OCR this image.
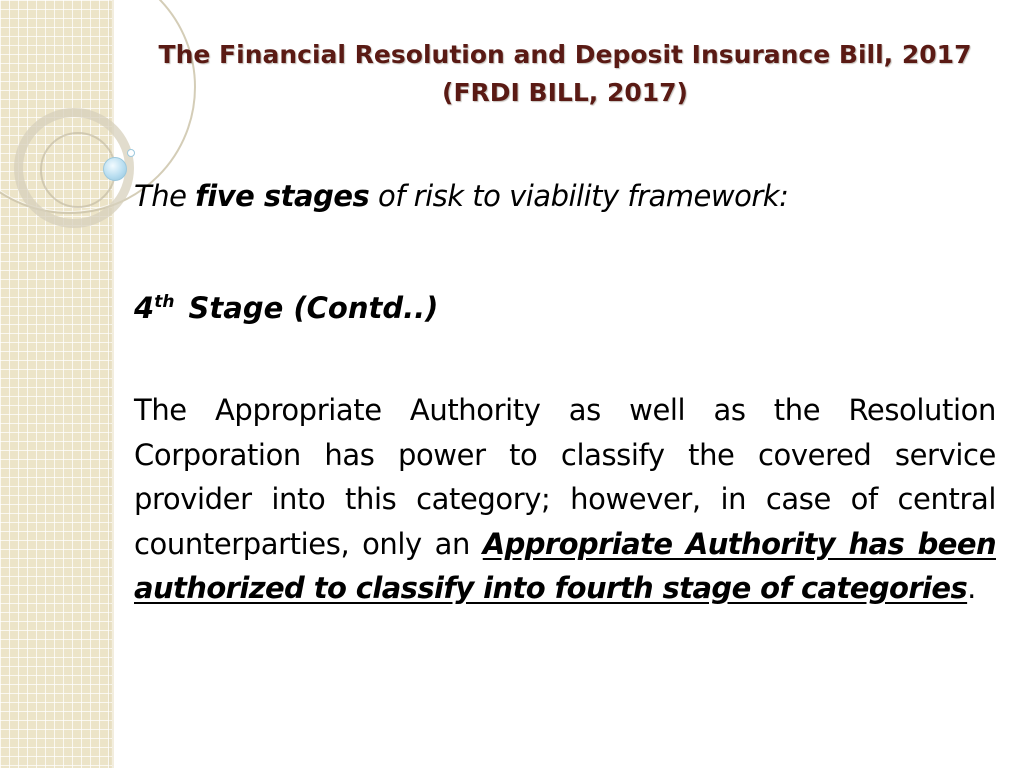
The Financial Resolution and Deposit Insurance Bill, 2017
(FRDI BILL, 2017)
The five stages of risk to viability framework:
4th Stage (Contd..)
The Appropriate Authority as well as the Resolution Corporation has power to classify the covered service provider into this category; however, in case of central counterparties, only an Appropriate Authority has been authorized to classify into fourth stage of categories.
